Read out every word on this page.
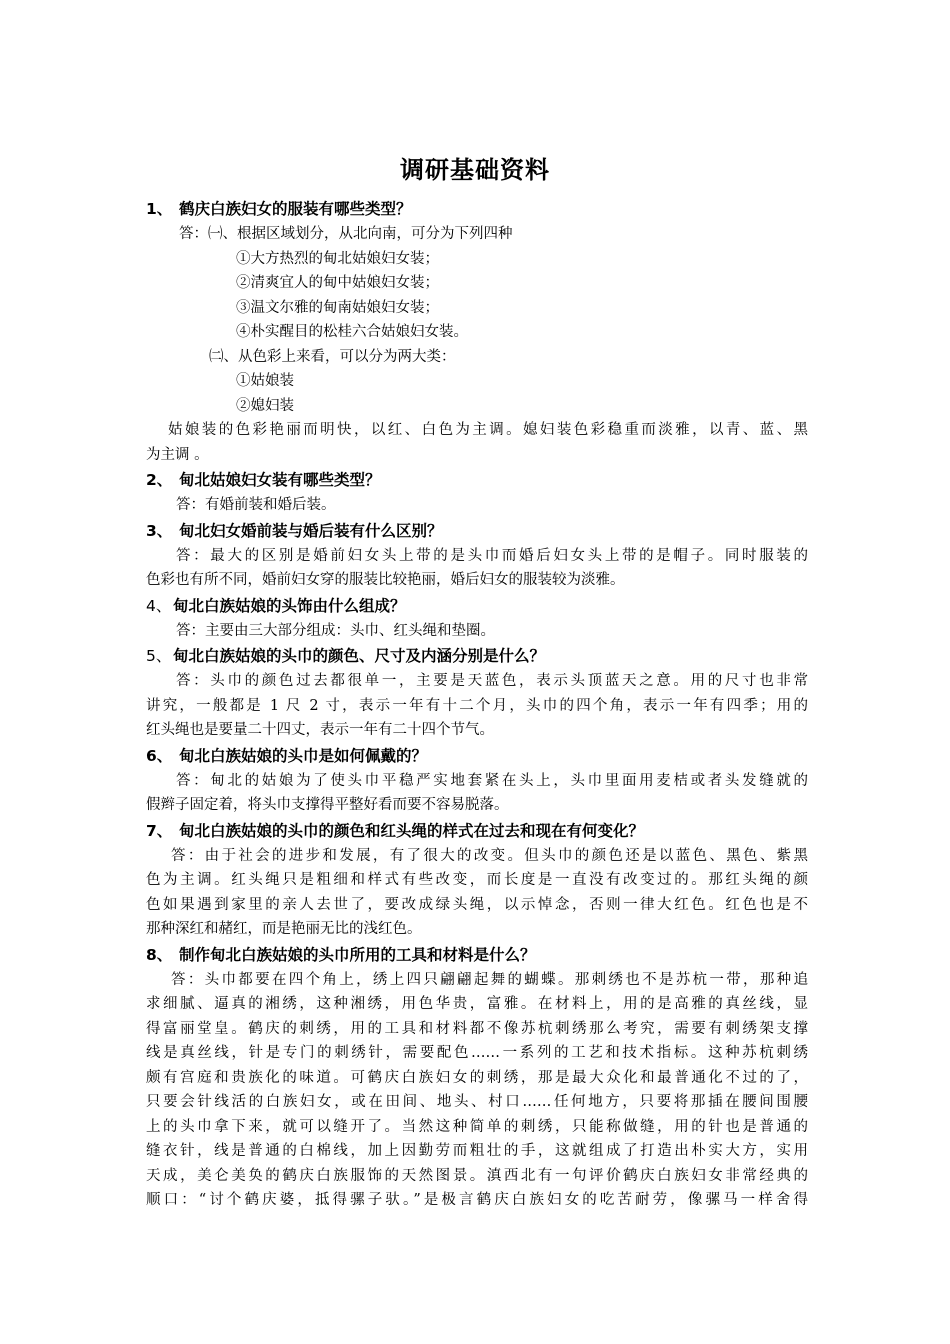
调研基础资料
1、 鹤庆白族妇女的服装有哪些类型？
答：㈠、根据区域划分，从北向南，可分为下列四种
①大方热烈的甸北姑娘妇女装；
②清爽宜人的甸中姑娘妇女装；
③温文尔雅的甸南姑娘妇女装；
④朴实醒目的松桂六合姑娘妇女装。
㈡、从色彩上来看，可以分为两大类：
①姑娘装
②媳妇装
姑娘装的色彩艳丽而明快，以红、白色为主调。媳妇装色彩稳重而淡雅，以青、蓝、黑
为主调 。
2、 甸北姑娘妇女装有哪些类型？
答：有婚前装和婚后装。
3、 甸北妇女婚前装与婚后装有什么区别？
答：最大的区别是婚前妇女头上带的是头巾而婚后妇女头上带的是帽子。同时服装的
色彩也有所不同，婚前妇女穿的服装比较艳丽，婚后妇女的服装较为淡雅。
4、 甸北白族姑娘的头饰由什么组成？
答：主要由三大部分组成：头巾、红头绳和垫圈。
5、 甸北白族姑娘的头巾的颜色、尺寸及内涵分别是什么？
答：头巾的颜色过去都很单一，主要是天蓝色，表示头顶蓝天之意。用的尺寸也非常
讲究，一般都是 1 尺 2 寸，表示一年有十二个月，头巾的四个角，表示一年有四季；用的
红头绳也是要量二十四丈，表示一年有二十四个节气。
6、 甸北白族姑娘的头巾是如何佩戴的？
答：甸北的姑娘为了使头巾平稳严实地套紧在头上，头巾里面用麦桔或者头发缝就的
假辫子固定着，将头巾支撑得平整好看而要不容易脱落。
7、 甸北白族姑娘的头巾的颜色和红头绳的样式在过去和现在有何变化？
答：由于社会的进步和发展，有了很大的改变。但头巾的颜色还是以蓝色、黑色、紫黑
色为主调。红头绳只是粗细和样式有些改变，而长度是一直没有改变过的。那红头绳的颜
色如果遇到家里的亲人去世了，要改成绿头绳，以示悼念，否则一律大红色。红色也是不
那种深红和赭红，而是艳丽无比的浅红色。
8、 制作甸北白族姑娘的头巾所用的工具和材料是什么？
答：头巾都要在四个角上，绣上四只翩翩起舞的蝴蝶。那刺绣也不是苏杭一带，那种追
求细腻、逼真的湘绣，这种湘绣，用色华贵，富雅。在材料上，用的是高雅的真丝线，显
得富丽堂皇。鹤庆的刺绣，用的工具和材料都不像苏杭刺绣那么考究，需要有刺绣架支撑
线是真丝线，针是专门的刺绣针，需要配色……一系列的工艺和技术指标。这种苏杭刺绣
颇有宫庭和贵族化的味道。可鹤庆白族妇女的刺绣，那是最大众化和最普通化不过的了，
只要会针线活的白族妇女，或在田间、地头、村口……任何地方，只要将那插在腰间围腰
上的头巾拿下来，就可以缝开了。当然这种简单的刺绣，只能称做缝，用的针也是普通的
缝衣针，线是普通的白棉线，加上因勤劳而粗壮的手，这就组成了打造出朴实大方，实用
天成，美仑美奂的鹤庆白族服饰的天然图景。滇西北有一句评价鹤庆白族妇女非常经典的
顺口：“讨个鹤庆婆，抵得骡子驮。”是极言鹤庆白族妇女的吃苦耐劳，像骡马一样舍得
